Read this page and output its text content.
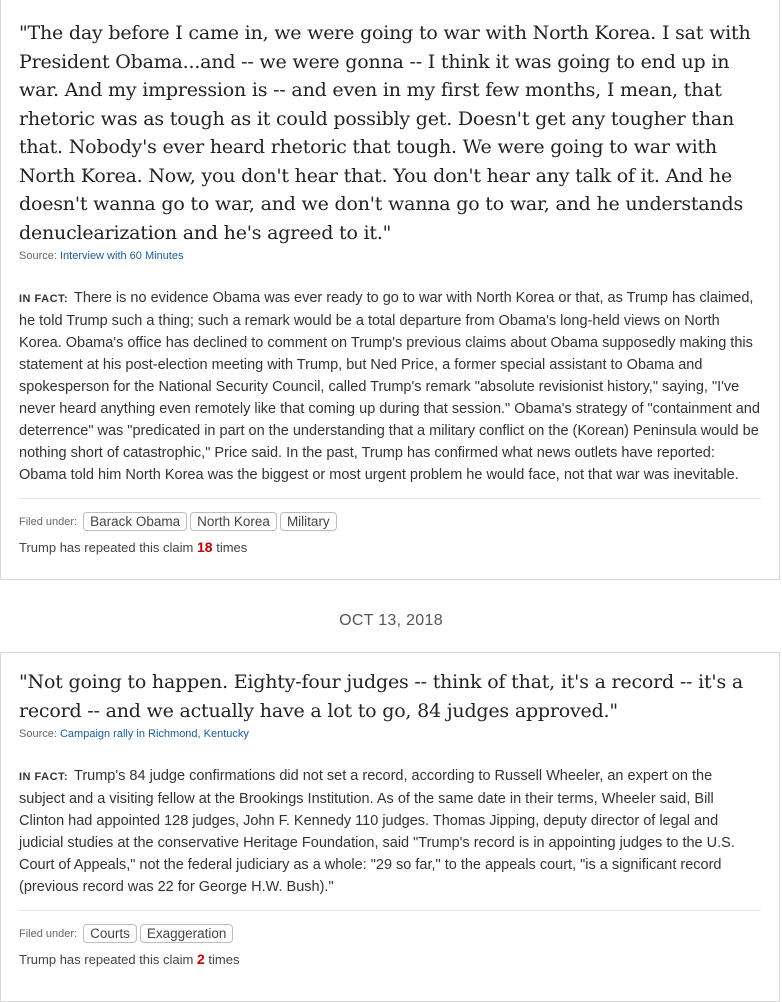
"The day before I came in, we were going to war with North Korea. I sat with President Obama...and -- we were gonna -- I think it was going to end up in war. And my impression is -- and even in my first few months, I mean, that rhetoric was as tough as it could possibly get. Doesn't get any tougher than that. Nobody's ever heard rhetoric that tough. We were going to war with North Korea. Now, you don't hear that. You don't hear any talk of it. And he doesn't wanna go to war, and we don't wanna go to war, and he understands denuclearization and he's agreed to it."

Source: Interview with 60 Minutes
IN FACT: There is no evidence Obama was ever ready to go to war with North Korea or that, as Trump has claimed, he told Trump such a thing; such a remark would be a total departure from Obama's long-held views on North Korea. Obama's office has declined to comment on Trump's previous claims about Obama supposedly making this statement at his post-election meeting with Trump, but Ned Price, a former special assistant to Obama and spokesperson for the National Security Council, called Trump's remark "absolute revisionist history," saying, "I've never heard anything even remotely like that coming up during that session." Obama's strategy of "containment and deterrence" was "predicated in part on the understanding that a military conflict on the (Korean) Peninsula would be nothing short of catastrophic," Price said. In the past, Trump has confirmed what news outlets have reported: Obama told him North Korea was the biggest or most urgent problem he would face, not that war was inevitable.
Filed under: Barack Obama	North Korea	Military
Trump has repeated this claim 18 times
OCT 13, 2018

"Not going to happen. Eighty-four judges -- think of that, it's a record -- it's a record -- and we actually have a lot to go, 84 judges approved."

Source: Campaign rally in Richmond, Kentucky
IN FACT: Trump's 84 judge confirmations did not set a record, according to Russell Wheeler, an expert on the subject and a visiting fellow at the Brookings Institution. As of the same date in their terms, Wheeler said, Bill Clinton had appointed 128 judges, John F. Kennedy 110 judges. Thomas Jipping, deputy director of legal and judicial studies at the conservative Heritage Foundation, said "Trump's record is in appointing judges to the U.S. Court of Appeals," not the federal judiciary as a whole: "29 so far," to the appeals court, "is a significant record (previous record was 22 for George H.W. Bush)."
Filed under: Courts	Exaggeration
Trump has repeated this claim 2 times
